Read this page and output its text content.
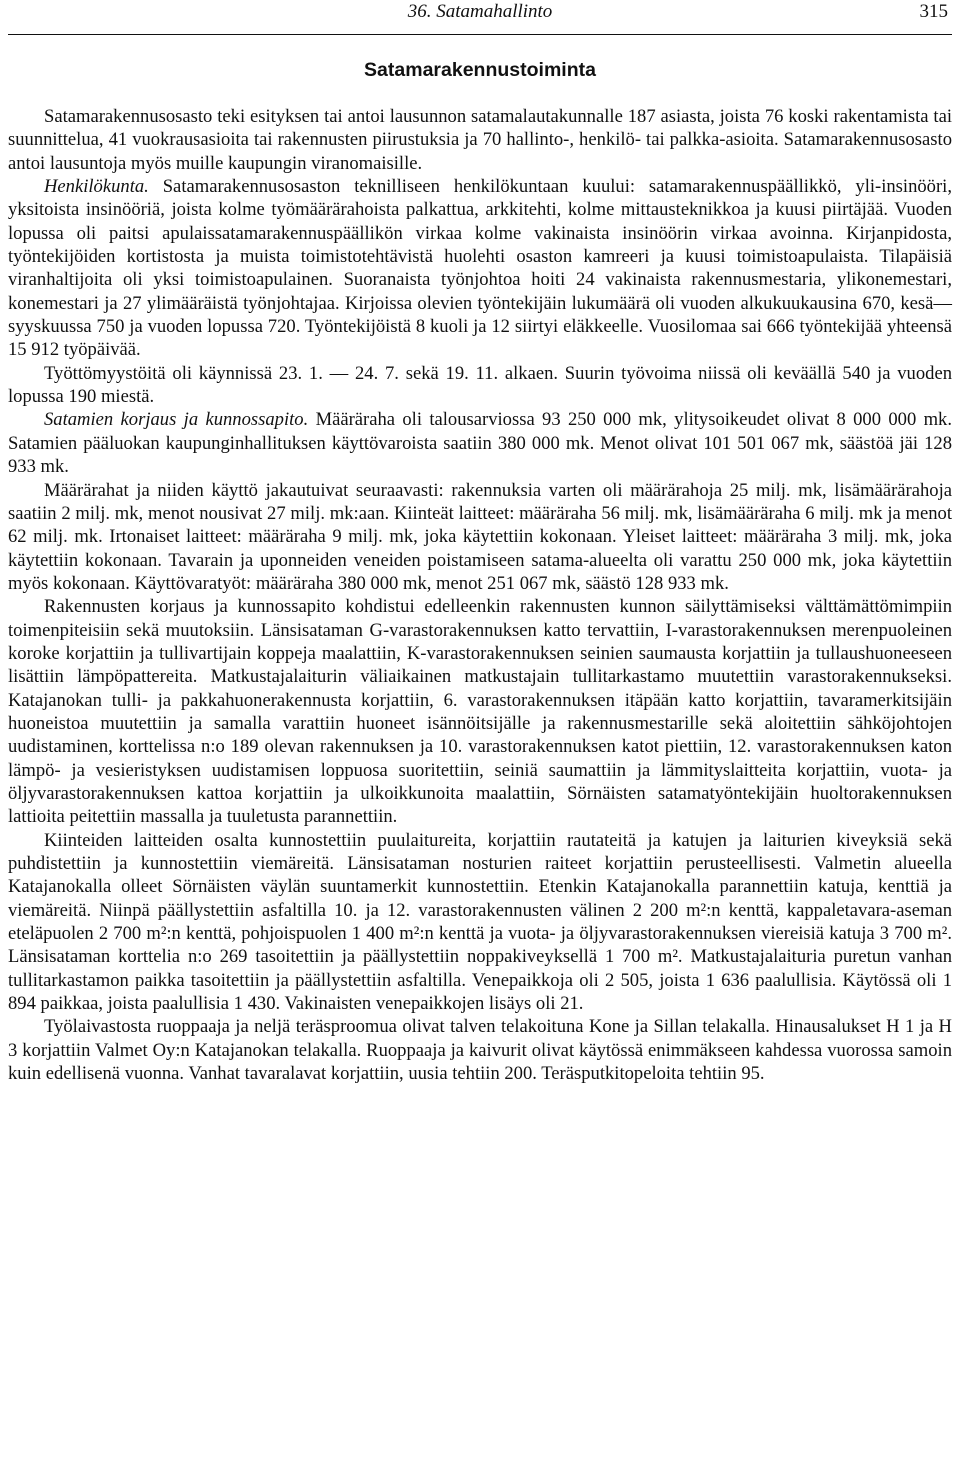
36. Satamahallinto	315
Satamarakennustoiminta

Satamarakennusosasto teki esityksen tai antoi lausunnon satamalautakunnalle 187 asiasta, joista 76 koski rakentamista tai suunnittelua, 41 vuokrausasioita tai rakennusten piirustuksia ja 70 hallinto-, henkilö- tai palkka-asioita. Satamarakennusosasto antoi lausuntoja myös muille kaupungin viranomaisille.

Henkilökunta. Satamarakennusosaston teknilliseen henkilökuntaan kuului: satamarakennuspäällikkö, yli-insinööri, yksitoista insinööriä, joista kolme työmäärärahoista palkattua, arkkitehti, kolme mittausteknikkoa ja kuusi piirtäjää. Vuoden lopussa oli paitsi apulaissatamarakennuspäällikön virkaa kolme vakinaista insinöörin virkaa avoinna. Kirjanpidosta, työntekijöiden kortistosta ja muista toimistotehtävistä huolehti osaston kamreeri ja kuusi toimistoapulaista. Tilapäisiä viranhaltijoita oli yksi toimistoapulainen. Suoranaista työnjohtoa hoiti 24 vakinaista rakennusmestaria, ylikonemestari, konemestari ja 27 ylimääräistä työnjohtajaa. Kirjoissa olevien työntekijäin lukumäärä oli vuoden alkukuukausina 670, kesä—syyskuussa 750 ja vuoden lopussa 720. Työntekijöistä 8 kuoli ja 12 siirtyi eläkkeelle. Vuosilomaa sai 666 työntekijää yhteensä 15 912 työpäivää.

Työttömyystöitä oli käynnissä 23. 1. — 24. 7. sekä 19. 11. alkaen. Suurin työvoima niissä oli keväällä 540 ja vuoden lopussa 190 miestä.

Satamien korjaus ja kunnossapito. Määräraha oli talousarviossa 93 250 000 mk, ylitysoikeudet olivat 8 000 000 mk. Satamien pääluokan kaupunginhallituksen käyttövaroista saatiin 380 000 mk. Menot olivat 101 501 067 mk, säästöä jäi 128 933 mk.

Määrärahat ja niiden käyttö jakautuivat seuraavasti: rakennuksia varten oli määrärahoja 25 milj. mk, lisämäärärahoja saatiin 2 milj. mk, menot nousivat 27 milj. mk:aan. Kiinteät laitteet: määräraha 56 milj. mk, lisämääräraha 6 milj. mk ja menot 62 milj. mk. Irtonaiset laitteet: määräraha 9 milj. mk, joka käytettiin kokonaan. Yleiset laitteet: määräraha 3 milj. mk, joka käytettiin kokonaan. Tavarain ja uponneiden veneiden poistamiseen satama-alueelta oli varattu 250 000 mk, joka käytettiin myös kokonaan. Käyttövaratyöt: määräraha 380 000 mk, menot 251 067 mk, säästö 128 933 mk.

Rakennusten korjaus ja kunnossapito kohdistui edelleenkin rakennusten kunnon säilyttämiseksi välttämättömimpiin toimenpiteisiin sekä muutoksiin. Länsisataman G-varastorakennuksen katto tervattiin, I-varastorakennuksen merenpuoleinen koroke korjattiin ja tullivartijain koppeja maalattiin, K-varastorakennuksen seinien saumausta korjattiin ja tullaushuoneeseen lisättiin lämpöpattereita. Matkustajalaiturin väliaikainen matkustajain tullitarkastamo muutettiin varastorakennukseksi. Katajanokan tulli- ja pakkahuonerakennusta korjattiin, 6. varastorakennuksen itäpään katto korjattiin, tavaramerkitsijäin huoneistoa muutettiin ja samalla varattiin huoneet isännöitsijälle ja rakennusmestarille sekä aloitettiin sähköjohtojen uudistaminen, korttelissa n:o 189 olevan rakennuksen ja 10. varastorakennuksen katot piettiin, 12. varastorakennuksen katon lämpö- ja vesieristyksen uudistamisen loppuosa suoritettiin, seiniä saumattiin ja lämmityslaitteita korjattiin, vuota- ja öljyvarastorakennuksen kattoa korjattiin ja ulkoikkunoita maalattiin, Sörnäisten satamatyöntekijäin huoltorakennuksen lattioita peitettiin massalla ja tuuletusta parannettiin.

Kiinteiden laitteiden osalta kunnostettiin puulaitureita, korjattiin rautateitä ja katujen ja laiturien kiveyksiä sekä puhdistettiin ja kunnostettiin viemäreitä. Länsisataman nosturien raiteet korjattiin perusteellisesti. Valmetin alueella Katajanokalla olleet Sörnäisten väylän suuntamerkit kunnostettiin. Etenkin Katajanokalla parannettiin katuja, kenttiä ja viemäreitä. Niinpä päällystettiin asfaltilla 10. ja 12. varastorakennusten välinen 2 200 m²:n kenttä, kappaletavara-aseman eteläpuolen 2 700 m²:n kenttä, pohjoispuolen 1 400 m²:n kenttä ja vuota- ja öljyvarastorakennuksen viereisiä katuja 3 700 m². Länsisataman korttelia n:o 269 tasoitettiin ja päällystettiin noppakiveyksellä 1 700 m². Matkustajalaituria puretun vanhan tullitarkastamon paikka tasoitettiin ja päällystettiin asfaltilla. Venepaikkoja oli 2 505, joista 1 636 paalullisia. Käytössä oli 1 894 paikkaa, joista paalullisia 1 430. Vakinaisten venepaikkojen lisäys oli 21.

Työlaivastosta ruoppaaja ja neljä teräsproomua olivat talven telakoituna Kone ja Sillan telakalla. Hinausalukset H 1 ja H 3 korjattiin Valmet Oy:n Katajanokan telakalla. Ruoppaaja ja kaivurit olivat käytössä enimmäkseen kahdessa vuorossa samoin kuin edellisenä vuonna. Vanhat tavaralavat korjattiin, uusia tehtiin 200. Teräsputkitopeloita tehtiin 95.
